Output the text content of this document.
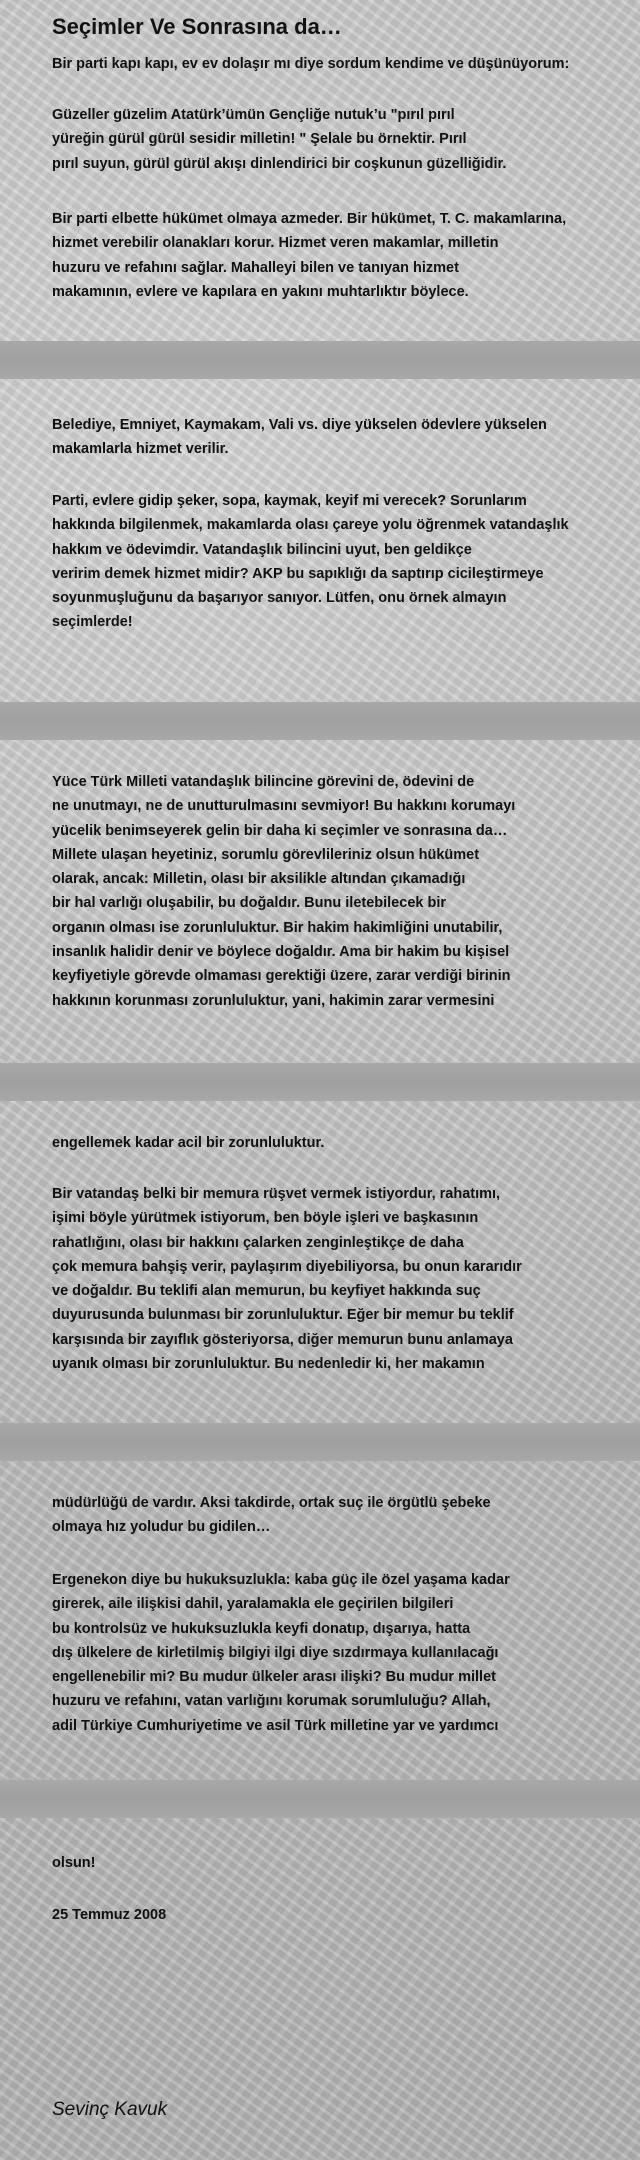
Seçimler Ve Sonrasına da…

Bir parti kapı kapı, ev ev dolaşır mı diye sordum kendime ve düşünüyorum:

Güzeller güzelim Atatürk’ümün Gençliğe nutuk’u "pırıl pırıl
yüreğin gürül gürül sesidir milletin! " Şelale bu örnektir. Pırıl
pırıl suyun, gürül gürül akışı dinlendirici bir coşkunun güzelliğidir.

Bir parti elbette hükümet olmaya azmeder. Bir hükümet, T. C. makamlarına,
hizmet verebilir olanakları korur. Hizmet veren makamlar, milletin
huzuru ve refahını sağlar. Mahalleyi bilen ve tanıyan hizmet
makamının, evlere ve kapılara en yakını muhtarlıktır böylece.

Belediye, Emniyet, Kaymakam, Vali vs. diye yükselen ödevlere yükselen
makamlarla hizmet verilir.

Parti, evlere gidip şeker, sopa, kaymak, keyif mi verecek? Sorunlarım
hakkında bilgilenmek, makamlarda olası çareye yolu öğrenmek vatandaşlık
hakkım ve ödevimdir. Vatandaşlık bilincini uyut, ben geldikçe
veririm demek hizmet midir? AKP bu sapıklığı da saptırıp cicileştirmeye
soyunmuşluğunu da başarıyor sanıyor. Lütfen, onu örnek almayın
seçimlerde!

Yüce Türk Milleti vatandaşlık bilincine görevini de, ödevini de
ne unutmayı, ne de unutturulmasını sevmiyor! Bu hakkını korumayı
yücelik benimseyerek gelin bir daha ki seçimler ve sonrasına da…
Millete ulaşan heyetiniz, sorumlu görevlileriniz olsun hükümet
olarak, ancak: Milletin, olası bir aksilikle altından çıkamadığı
bir hal varlığı oluşabilir, bu doğaldır. Bunu iletebilecek bir
organın olması ise zorunluluktur. Bir hakim hakimliğini unutabilir,
insanlık halidir denir ve böylece doğaldır. Ama bir hakim bu kişisel
keyfiyetiyle görevde olmaması gerektiği üzere, zarar verdiği birinin
hakkının korunması zorunluluktur, yani, hakimin zarar vermesini

engellemek kadar acil bir zorunluluktur.

Bir vatandaş belki bir memura rüşvet vermek istiyordur, rahatımı,
işimi böyle yürütmek istiyorum, ben böyle işleri ve başkasının
rahatlığını, olası bir hakkını çalarken zenginleştikçe de daha
çok memura bahşiş verir, paylaşırım diyebiliyorsa, bu onun kararıdır
ve doğaldır. Bu teklifi alan memurun, bu keyfiyet hakkında suç
duyurusunda bulunması bir zorunluluktur. Eğer bir memur bu teklif
karşısında bir zayıflık gösteriyorsa, diğer memurun bunu anlamaya
uyanık olması bir zorunluluktur. Bu nedenledir ki, her makamın

müdürlüğü de vardır. Aksi takdirde, ortak suç ile örgütlü şebeke
olmaya hız yoludur bu gidilen…

Ergenekon diye bu hukuksuzlukla: kaba güç ile özel yaşama kadar
girerek, aile ilişkisi dahil, yaralamakla ele geçirilen bilgileri
bu kontrolsüz ve hukuksuzlukla keyfi donatıp, dışarıya, hatta
dış ülkelere de kirletilmiş bilgiyi ilgi diye sızdırmaya kullanılacağı
engellenebilir mi? Bu mudur ülkeler arası ilişki? Bu mudur millet
huzuru ve refahını, vatan varlığını korumak sorumluluğu? Allah,
adil Türkiye Cumhuriyetime ve asil Türk milletine yar ve yardımcı

olsun!

25 Temmuz 2008

Sevinç Kavuk
